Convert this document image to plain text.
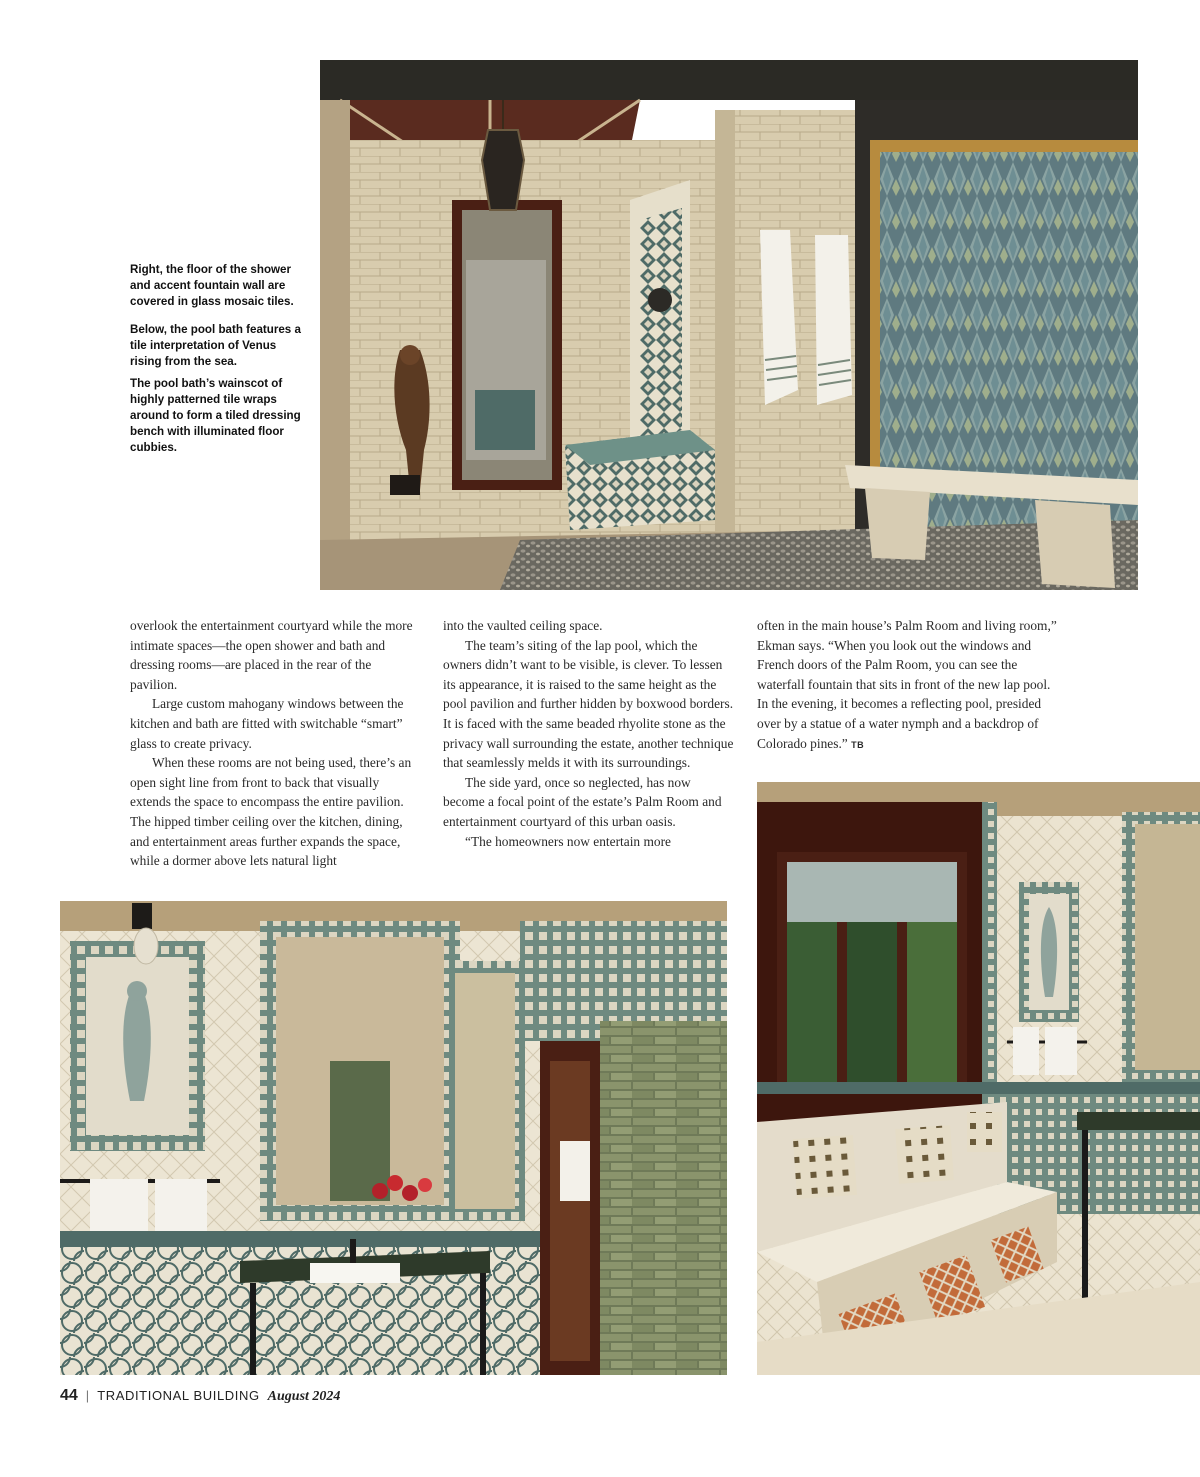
Right, the floor of the shower and accent fountain wall are covered in glass mosaic tiles.

Below, the pool bath features a tile interpretation of Venus rising from the sea.

The pool bath’s wainscot of highly patterned tile wraps around to form a tiled dressing bench with illuminated floor cubbies.

overlook the entertainment courtyard while the more intimate spaces—the open shower and bath and dressing rooms—are placed in the rear of the pavilion.

Large custom mahogany windows between the kitchen and bath are fitted with switchable “smart” glass to create privacy.

When these rooms are not being used, there’s an open sight line from front to back that visually extends the space to encompass the entire pavilion. The hipped timber ceiling over the kitchen, dining, and entertainment areas further expands the space, while a dormer above lets natural light

into the vaulted ceiling space.

The team’s siting of the lap pool, which the owners didn’t want to be visible, is clever. To lessen its appearance, it is raised to the same height as the pool pavilion and further hidden by boxwood borders. It is faced with the same beaded rhyolite stone as the privacy wall surrounding the estate, another technique that seamlessly melds it with its surroundings.

The side yard, once so neglected, has now become a focal point of the estate’s Palm Room and entertainment courtyard of this urban oasis.

“The homeowners now entertain more

often in the main house’s Palm Room and living room,” Ekman says. “When you look out the windows and French doors of the Palm Room, you can see the waterfall fountain that sits in front of the new lap pool. In the evening, it becomes a reflecting pool, presided over by a statue of a water nymph and a backdrop of Colorado pines.” TB

44 | TRADITIONAL BUILDING August 2024
